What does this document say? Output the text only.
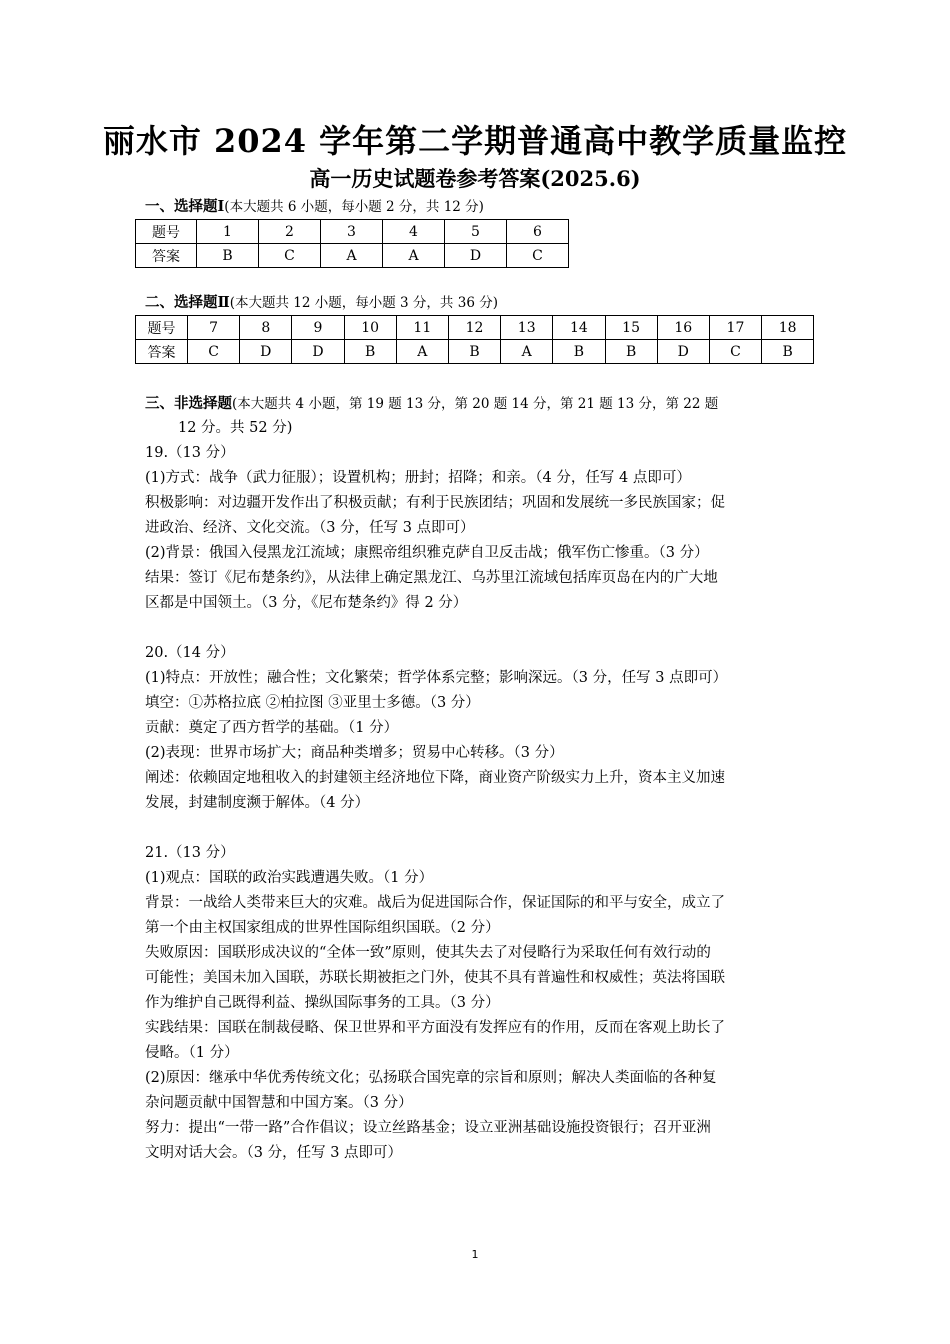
丽水市 2024 学年第二学期普通高中教学质量监控
高一历史试题卷参考答案(2025.6)
一、选择题Ⅰ(本大题共 6 小题，每小题 2 分，共 12 分)
题号	1	2	3	4	5	6
答案	B	C	A	A	D	C
二、选择题Ⅱ(本大题共 12 小题，每小题 3 分，共 36 分)
题号	7	8	9	10	11	12	13	14	15	16	17	18
答案	C	D	D	B	A	B	A	B	B	D	C	B
三、非选择题(本大题共 4 小题，第 19 题 13 分，第 20 题 14 分，第 21 题 13 分，第 22 题
12 分。共 52 分)

19.（13 分）

(1)方式：战争（武力征服）；设置机构；册封；招降；和亲。（4 分，任写 4 点即可）

积极影响：对边疆开发作出了积极贡献；有利于民族团结；巩固和发展统一多民族国家；促

进政治、经济、文化交流。（3 分，任写 3 点即可）

(2)背景：俄国入侵黑龙江流域；康熙帝组织雅克萨自卫反击战；俄军伤亡惨重。（3 分）

结果：签订《尼布楚条约》，从法律上确定黑龙江、乌苏里江流域包括库页岛在内的广大地

区都是中国领土。（3 分，《尼布楚条约》得 2 分）

20.（14 分）

(1)特点：开放性；融合性；文化繁荣；哲学体系完整；影响深远。（3 分，任写 3 点即可）

填空：①苏格拉底 ②柏拉图 ③亚里士多德。（3 分）

贡献：奠定了西方哲学的基础。（1 分）

(2)表现：世界市场扩大；商品种类增多；贸易中心转移。（3 分）

阐述：依赖固定地租收入的封建领主经济地位下降，商业资产阶级实力上升，资本主义加速

发展，封建制度濒于解体。（4 分）

21.（13 分）

(1)观点：国联的政治实践遭遇失败。（1 分）

背景：一战给人类带来巨大的灾难。战后为促进国际合作，保证国际的和平与安全，成立了

第一个由主权国家组成的世界性国际组织国联。（2 分）

失败原因：国联形成决议的“全体一致”原则，使其失去了对侵略行为采取任何有效行动的

可能性；美国未加入国联，苏联长期被拒之门外，使其不具有普遍性和权威性；英法将国联

作为维护自己既得利益、操纵国际事务的工具。（3 分）

实践结果：国联在制裁侵略、保卫世界和平方面没有发挥应有的作用，反而在客观上助长了

侵略。（1 分）

(2)原因：继承中华优秀传统文化；弘扬联合国宪章的宗旨和原则；解决人类面临的各种复

杂问题贡献中国智慧和中国方案。（3 分）

努力：提出“一带一路”合作倡议；设立丝路基金；设立亚洲基础设施投资银行；召开亚洲

文明对话大会。（3 分，任写 3 点即可）

1
